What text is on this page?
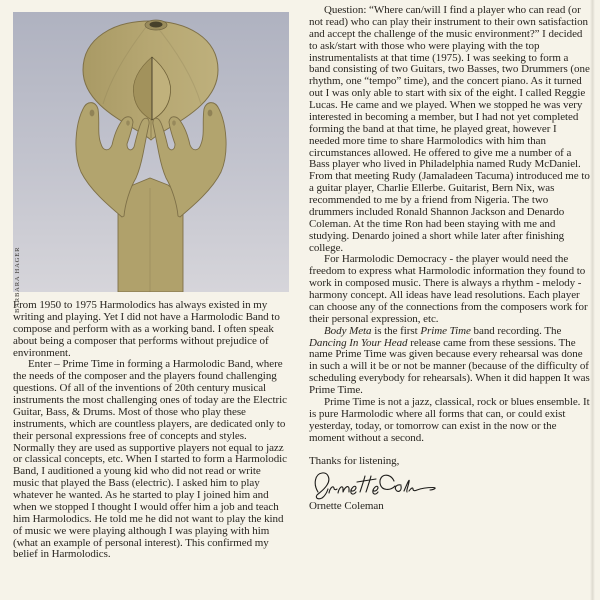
BARBARA HAGER

From 1950 to 1975 Harmolodics has always existed in my writing and playing. Yet I did not have a Harmolodic Band to compose and perform with as a working band. I often speak about being a composer that performs without prejudice of environment.

Enter – Prime Time in forming a Harmolodic Band, where the needs of the composer and the players found challenging questions. Of all of the inventions of 20th century musical instruments the most challenging ones of today are the Electric Guitar, Bass, & Drums. Most of those who play these instruments, which are countless players, are dedicated only to their personal expressions free of concepts and styles. Normally they are used as supportive players not equal to jazz or classical concepts, etc. When I started to form a Harmolodic Band, I auditioned a young kid who did not read or write music that played the Bass (electric). I asked him to play whatever he wanted. As he started to play I joined him and when we stopped I thought I would offer him a job and teach him Harmolodics. He told me he did not want to play the kind of music we were playing although I was playing with him (what an example of personal interest). This confirmed my belief in Harmolodics.

Question: “Where can/will I find a player who can read (or not read) who can play their instrument to their own satisfaction and accept the challenge of the music environment?” I decided to ask/start with those who were playing with the top instrumentalists at that time (1975). I was seeking to form a band consisting of two Guitars, two Basses, two Drummers (one rhythm, one “tempo” time), and the concert piano. As it turned out I was only able to start with six of the eight. I called Reggie Lucas. He came and we played. When we stopped he was very interested in becoming a member, but I had not yet completed forming the band at that time, he played great, however I needed more time to share Harmolodics with him than circumstances allowed. He offered to give me a number of a Bass player who lived in Philadelphia named Rudy McDaniel. From that meeting Rudy (Jamaladeen Tacuma) introduced me to a guitar player, Charlie Ellerbe. Guitarist, Bern Nix, was recommended to me by a friend from Nigeria. The two drummers included Ronald Shannon Jackson and Denardo Coleman. At the time Ron had been staying with me and studying. Denardo joined a short while later after finishing college.

For Harmolodic Democracy - the player would need the freedom to express what Harmolodic information they found to work in composed music. There is always a rhythm - melody - harmony concept. All ideas have lead resolutions. Each player can choose any of the connections from the composers work for their personal expression, etc.

Body Meta is the first Prime Time band recording. The Dancing In Your Head release came from these sessions. The name Prime Time was given because every rehearsal was done in such a will it be or not be manner (because of the difficulty of scheduling everybody for rehearsals). When it did happen It was Prime Time.

Prime Time is not a jazz, classical, rock or blues ensemble. It is pure Harmolodic where all forms that can, or could exist yesterday, today, or tomorrow can exist in the now or the moment without a second.

Thanks for listening,

Ornette Coleman
